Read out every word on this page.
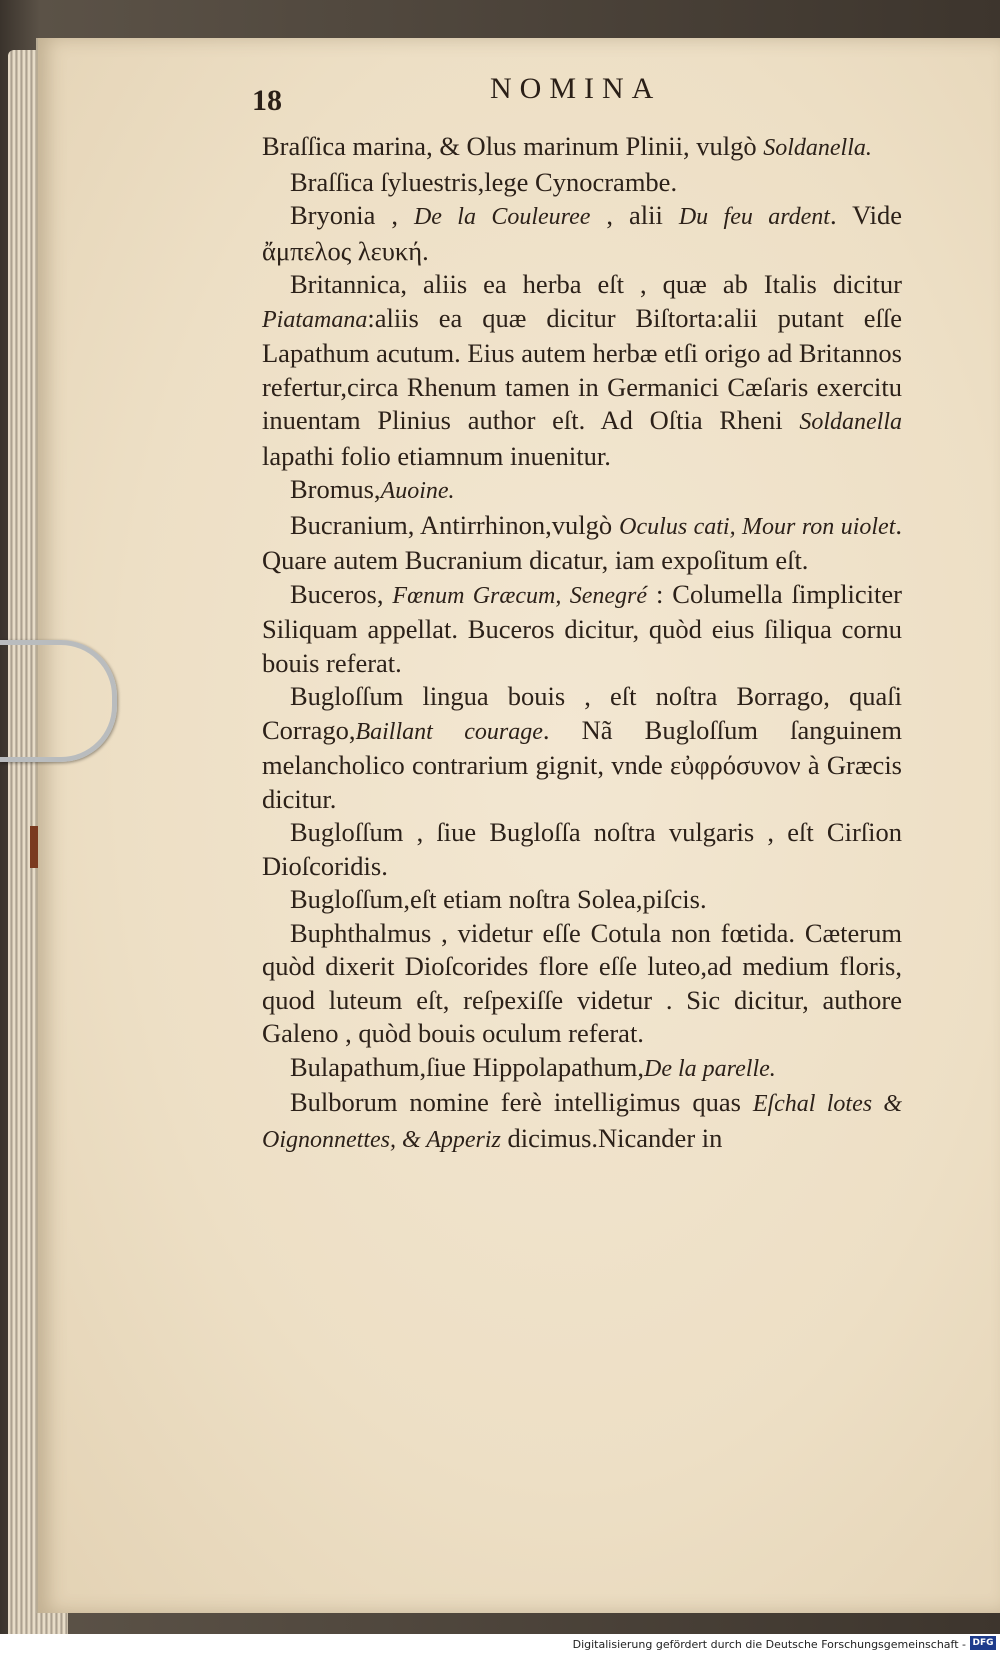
18	NOMINA

Braſſica marina, & Olus marinum Plinii, vulgò Soldanella.

Braſſica ſyluestris,lege Cynocrambe.

Bryonia , De la Couleuree , alii Du feu ardent. Vide ἄμπελος λευκή.

Britannica, aliis ea herba eſt , quæ ab Italis dicitur Piatamana:aliis ea quæ dicitur Biſtorta:alii putant eſſe Lapathum acutum. Eius autem herbæ etſi origo ad Britannos refertur,circa Rhenum tamen in Germanici Cæſaris exercitu inuentam Plinius author eſt. Ad Oſtia Rheni Soldanella lapathi folio etiamnum inuenitur.

Bromus,Auoine.

Bucranium, Antirrhinon,vulgò Oculus cati, Mour ron uiolet. Quare autem Bucranium dicatur, iam expoſitum eſt.

Buceros, Fœnum Græcum, Senegré : Columella ſimpliciter Siliquam appellat. Buceros dicitur, quòd eius ſiliqua cornu bouis referat.

Bugloſſum lingua bouis , eſt noſtra Borrago, quaſi Corrago,Baillant courage. Nã Bugloſſum ſanguinem melancholico contrarium gignit, vnde εὐφρόσυνον à Græcis dicitur.

Bugloſſum , ſiue Bugloſſa noſtra vulgaris , eſt Cirſion Dioſcoridis.

Bugloſſum,eſt etiam noſtra Solea,piſcis.

Buphthalmus , videtur eſſe Cotula non fœtida. Cæterum quòd dixerit Dioſcorides flore eſſe luteo,ad medium floris, quod luteum eſt, reſpexiſſe videtur . Sic dicitur, authore Galeno , quòd bouis oculum referat.

Bulapathum,ſiue Hippolapathum,De la parelle.

Bulborum nomine ferè intelligimus quas Eſchal lotes & Oignonnettes, & Apperiz dicimus.Nicander in

Digitalisierung gefördert durch die Deutsche Forschungsgemeinschaft - DFG
